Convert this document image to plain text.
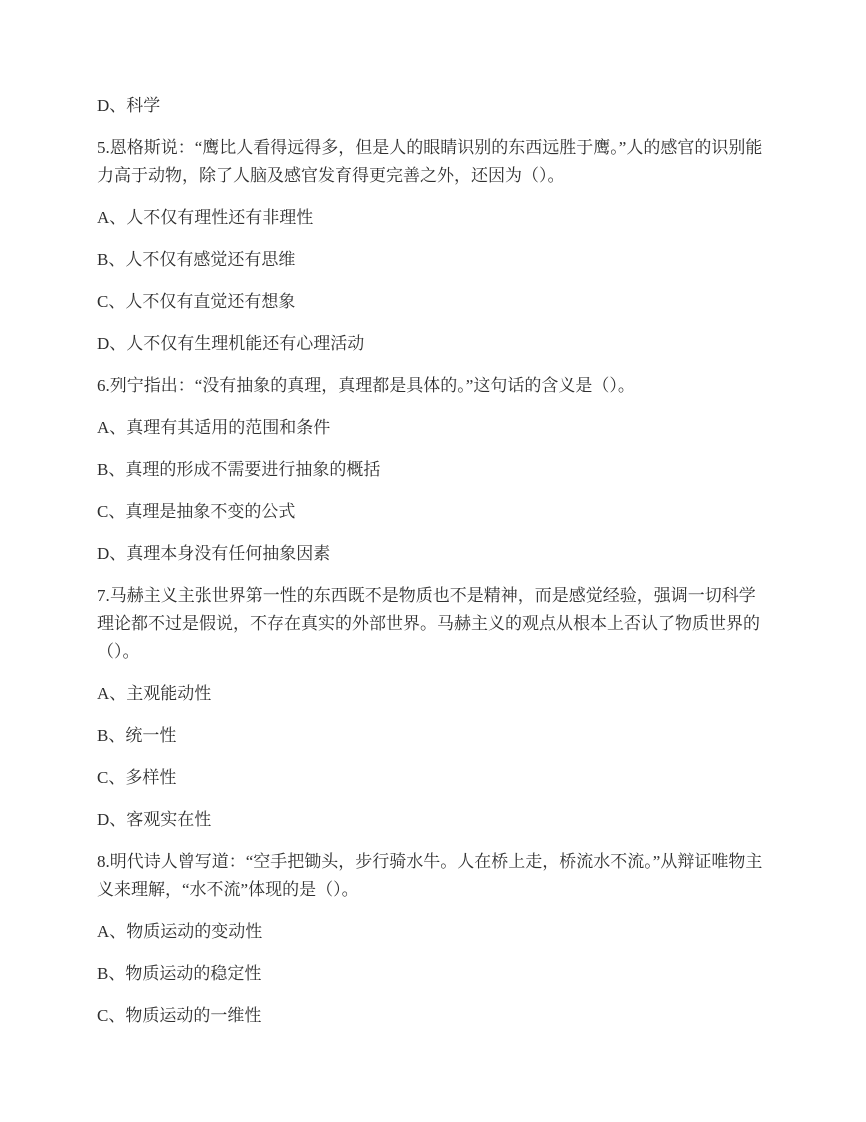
D、科学

5.恩格斯说：“鹰比人看得远得多，但是人的眼睛识别的东西远胜于鹰。”人的感官的识别能力高于动物，除了人脑及感官发育得更完善之外，还因为（）。

A、人不仅有理性还有非理性

B、人不仅有感觉还有思维

C、人不仅有直觉还有想象

D、人不仅有生理机能还有心理活动

6.列宁指出：“没有抽象的真理，真理都是具体的。”这句话的含义是（）。

A、真理有其适用的范围和条件

B、真理的形成不需要进行抽象的概括

C、真理是抽象不变的公式

D、真理本身没有任何抽象因素

7.马赫主义主张世界第一性的东西既不是物质也不是精神，而是感觉经验，强调一切科学理论都不过是假说，不存在真实的外部世界。马赫主义的观点从根本上否认了物质世界的（）。

A、主观能动性

B、统一性

C、多样性

D、客观实在性

8.明代诗人曾写道：“空手把锄头，步行骑水牛。人在桥上走，桥流水不流。”从辩证唯物主义来理解，“水不流”体现的是（）。

A、物质运动的变动性

B、物质运动的稳定性

C、物质运动的一维性
